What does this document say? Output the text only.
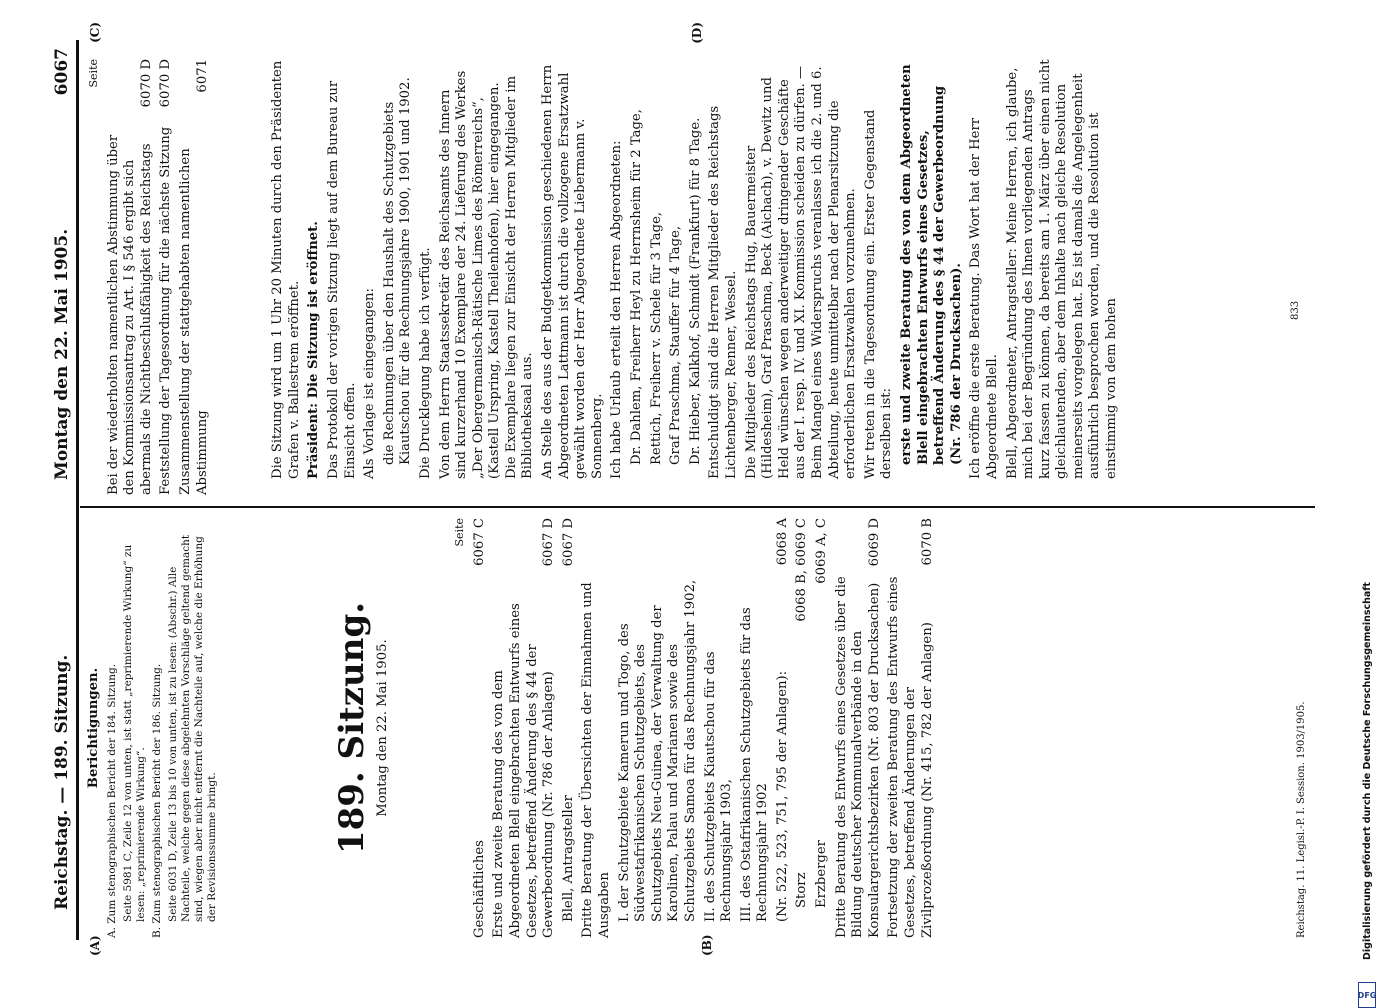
Reichstag. — 189. Sitzung.
Montag den 22. Mai 1905.
6067
(A)	(B)
(C)	(D)

Berichtigungen. A. Zum stenographischen Bericht der 184. Sitzung. Seite 5981 C, Zeile 12 von unten, ist statt „reprimierende Wirkung“ zu lesen: „reprimierende Wirkung“. B. Zum stenographischen Bericht der 186. Sitzung. Seite 6031 D, Zeile 13 bis 10 von unten, ist zu lesen: (Abschr.) Alle Nachteile, welche gegen diese abgelehnten Vorschläge geltend gemacht sind, wiegen aber nicht entfernt die Nachteile auf, welche die Erhöhung der Revisionssumme bringt.	189. Sitzung. Montag den 22. Mai 1905.

Seite

Geschäftliches
6067 C

Erste und zweite Beratung des von dem Abgeordneten Blell eingebrachten Entwurfs eines Gesetzes, betreffend Änderung des § 44 der Gewerbeordnung (Nr. 786 der Anlagen)
6067 D

Blell, Antragsteller
6067 D

Dritte Beratung der Übersichten der Einnahmen und Ausgaben I. der Schutzgebiete Kamerun und Togo, des Südwestafrikanischen Schutzgebiets, des Schutzgebiets Neu-Guinea, der Verwaltung der Karolinen, Palau und Marianen sowie des Schutzgebiets Samoa für das Rechnungsjahr 1902, II. des Schutzgebiets Kiautschou für das Rechnungsjahr 1903, III. des Ostafrikanischen Schutzgebiets für das Rechnungsjahr 1902 (Nr. 522, 523, 751, 795 der Anlagen):
6068 A

Storz
6068 B, 6069 C

Erzberger
6069 A, C

Dritte Beratung des Entwurfs eines Gesetzes über die Bildung deutscher Kommunalverbände in den Konsulargerichtsbezirken (Nr. 803 der Drucksachen)
6069 D

Fortsetzung der zweiten Beratung des Entwurfs eines Gesetzes, betreffend Änderungen der Zivilprozeßordnung (Nr. 415, 782 der Anlagen)
6070 B

Reichstag. 11. Legisl.-P. I. Session. 1903/1905.

Seite

Bei der wiederholten namentlichen Abstimmung über den Kommissionsantrag zu Art. I § 546 ergibt sich abermals die Nichtbeschlußfähigkeit des Reichstags
6070 D

Feststellung der Tagesordnung für die nächste Sitzung
6070 D

Zusammenstellung der stattgehabten namentlichen Abstimmung
6071	Die Sitzung wird um 1 Uhr 20 Minuten durch den Präsidenten Grafen v. Ballestrem eröffnet. Präsident: Die Sitzung ist eröffnet. Das Protokoll der vorigen Sitzung liegt auf dem Bureau zur Einsicht offen. Als Vorlage ist eingegangen: die Rechnungen über den Haushalt des Schutzgebiets Kiautschou für die Rechnungsjahre 1900, 1901 und 1902. Die Drucklegung habe ich verfügt. Von dem Herrn Staatssekretär des Reichsamts des Innern sind kurzerhand 10 Exemplare der 24. Lieferung des Werkes „Der Obergermanisch-Rätische Limes des Römerreichs“, (Kastell Urspring, Kastell Theilenhofen), hier eingegangen. Die Exemplare liegen zur Einsicht der Herren Mitglieder im Bibliotheksaal aus. An Stelle des aus der Budgetkommission geschiedenen Herrn Abgeordneten Lattmann ist durch die vollzogene Ersatzwahl gewählt worden der Herr Abgeordnete Liebermann v. Sonnenberg. Ich habe Urlaub erteilt den Herren Abgeordneten: Dr. Dahlem, Freiherr Heyl zu Herrnsheim für 2 Tage, Rettich, Freiherr v. Schele für 3 Tage, Graf Praschma, Stauffer für 4 Tage, Dr. Hieber, Kalkhof, Schmidt (Frankfurt) für 8 Tage. Entschuldigt sind die Herren Mitglieder des Reichstags Lichtenberger, Renner, Wessel. Die Mitglieder des Reichstags Hug, Bauermeister (Hildesheim), Graf Praschma, Beck (Aichach), v. Dewitz und Held wünschen wegen anderweitiger dringender Geschäfte aus der I. resp. IV. und XI. Kommission scheiden zu dürfen. — Beim Mangel eines Widerspruchs veranlasse ich die 2. und 6. Abteilung, heute unmittelbar nach der Plenarsitzung die erforderlichen Ersatzwahlen vorzunehmen. Wir treten in die Tagesordnung ein. Erster Gegenstand derselben ist: erste und zweite Beratung des von dem Abgeordneten Blell eingebrachten Entwurfs eines Gesetzes, betreffend Änderung des § 44 der Gewerbeordnung (Nr. 786 der Drucksachen). Ich eröffne die erste Beratung. Das Wort hat der Herr Abgeordnete Blell. Blell, Abgeordneter, Antragsteller: Meine Herren, ich glaube, mich bei der Begründung des Ihnen vorliegenden Antrags kurz fassen zu können, da bereits am 1. März über einen nicht gleichlautenden, aber dem Inhalte nach gleiche Resolution meinerseits vorgelegen hat. Es ist damals die Angelegenheit ausführlich besprochen worden, und die Resolution ist einstimmig von dem hohen	833
DFG
Digitalisierung gefördert durch die Deutsche Forschungsgemeinschaft
